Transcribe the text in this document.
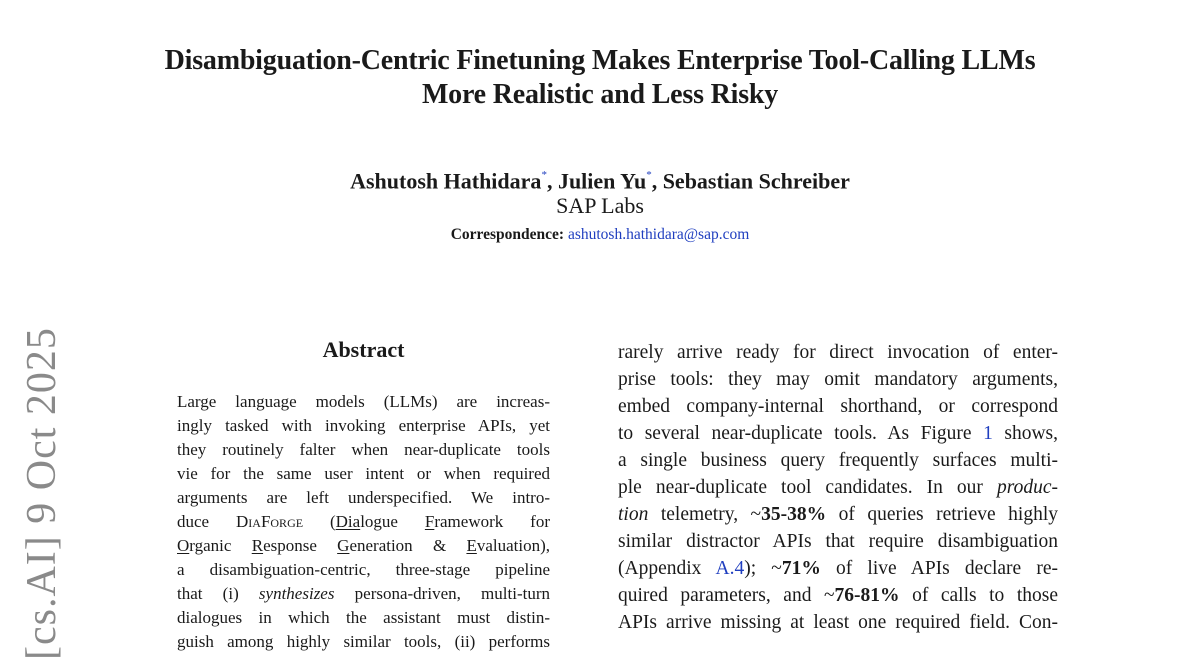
Disambiguation-Centric Finetuning Makes Enterprise Tool-Calling LLMs
More Realistic and Less Risky
Ashutosh Hathidara*, Julien Yu*, Sebastian Schreiber
SAP Labs
Correspondence: ashutosh.hathidara@sap.com
[cs.AI] 9 Oct 2025	Abstract
Large language models (LLMs) are increas-
ingly tasked with invoking enterprise APIs, yet
they routinely falter when near-duplicate tools
vie for the same user intent or when required
arguments are left underspecified. We intro-
duce DiaForge (Dialogue Framework for
Organic Response Generation & Evaluation),
a disambiguation-centric, three-stage pipeline
that (i) synthesizes persona-driven, multi-turn
dialogues in which the assistant must distin-
guish among highly similar tools, (ii) performs
rarely arrive ready for direct invocation of enter-
prise tools: they may omit mandatory arguments,
embed company-internal shorthand, or correspond
to several near-duplicate tools. As Figure 1 shows,
a single business query frequently surfaces multi-
ple near-duplicate tool candidates. In our produc-
tion telemetry, ~35-38% of queries retrieve highly
similar distractor APIs that require disambiguation
(Appendix A.4); ~71% of live APIs declare re-
quired parameters, and ~76-81% of calls to those
APIs arrive missing at least one required field. Con-
